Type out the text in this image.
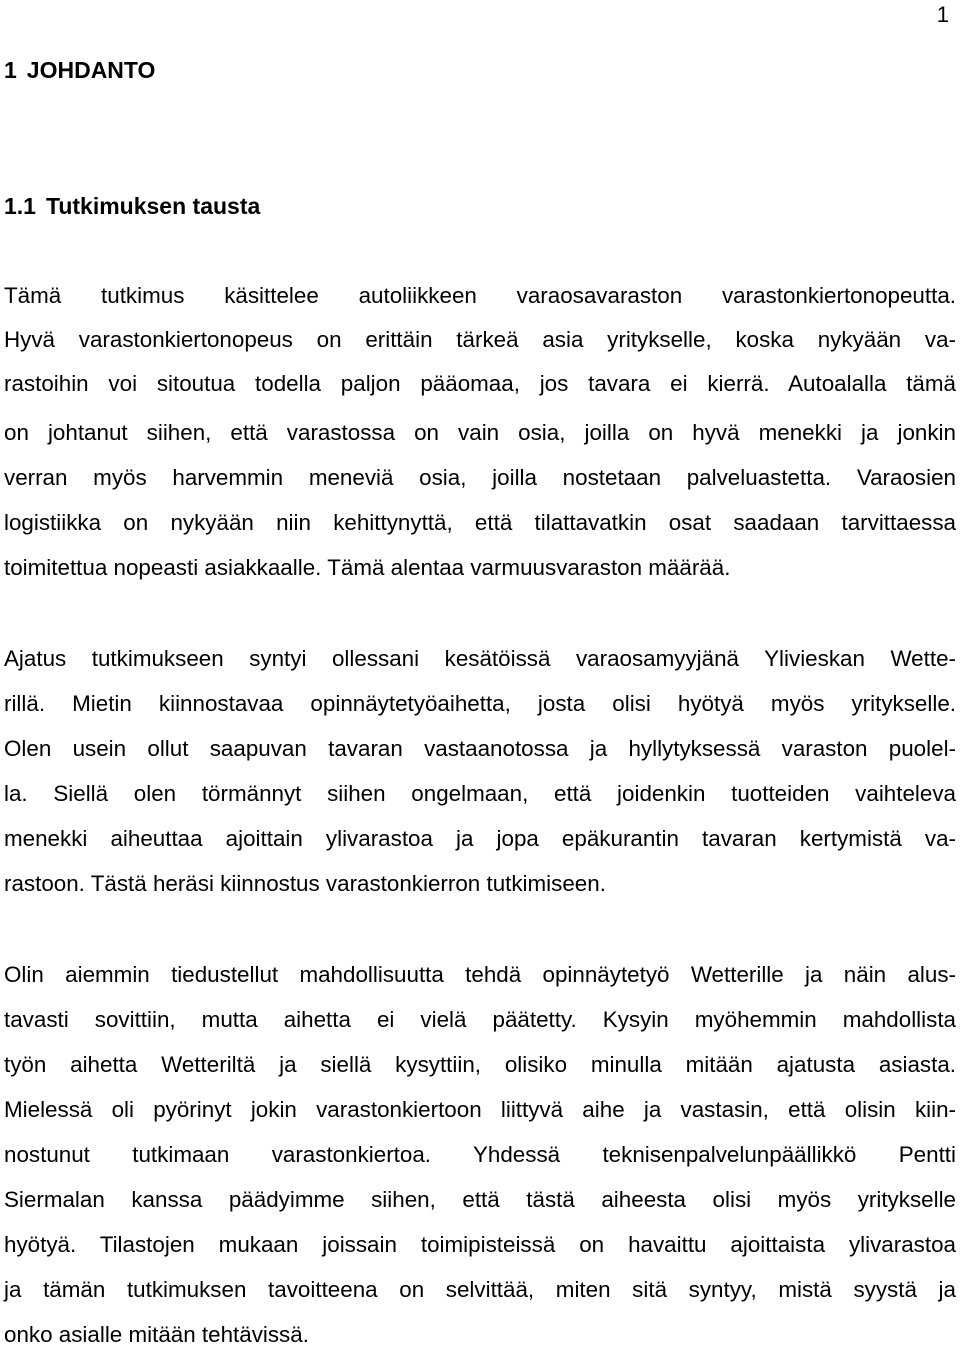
1
1 JOHDANTO
1.1 Tutkimuksen tausta
Tämä tutkimus käsittelee autoliikkeen varaosavaraston varastonkiertonopeutta.
Hyvä varastonkiertonopeus on erittäin tärkeä asia yritykselle, koska nykyään va-
rastoihin voi sitoutua todella paljon pääomaa, jos tavara ei kierrä. Autoalalla tämä
on johtanut siihen, että varastossa on vain osia, joilla on hyvä menekki ja jonkin
verran myös harvemmin meneviä osia, joilla nostetaan palveluastetta. Varaosien
logistiikka on nykyään niin kehittynyttä, että tilattavatkin osat saadaan tarvittaessa
toimitettua nopeasti asiakkaalle. Tämä alentaa varmuusvaraston määrää.
Ajatus tutkimukseen syntyi ollessani kesätöissä varaosamyyjänä Ylivieskan Wette-
rillä. Mietin kiinnostavaa opinnäytetyöaihetta, josta olisi hyötyä myös yritykselle.
Olen usein ollut saapuvan tavaran vastaanotossa ja hyllytyksessä varaston puolel-
la. Siellä olen törmännyt siihen ongelmaan, että joidenkin tuotteiden vaihteleva
menekki aiheuttaa ajoittain ylivarastoa ja jopa epäkurantin tavaran kertymistä va-
rastoon. Tästä heräsi kiinnostus varastonkierron tutkimiseen.
Olin aiemmin tiedustellut mahdollisuutta tehdä opinnäytetyö Wetterille ja näin alus-
tavasti sovittiin, mutta aihetta ei vielä päätetty. Kysyin myöhemmin mahdollista
työn aihetta Wetteriltä ja siellä kysyttiin, olisiko minulla mitään ajatusta asiasta.
Mielessä oli pyörinyt jokin varastonkiertoon liittyvä aihe ja vastasin, että olisin kiin-
nostunut tutkimaan varastonkiertoa. Yhdessä teknisenpalvelunpäällikkö Pentti
Siermalan kanssa päädyimme siihen, että tästä aiheesta olisi myös yritykselle
hyötyä. Tilastojen mukaan joissain toimipisteissä on havaittu ajoittaista ylivarastoa
ja tämän tutkimuksen tavoitteena on selvittää, miten sitä syntyy, mistä syystä ja
onko asialle mitään tehtävissä.
